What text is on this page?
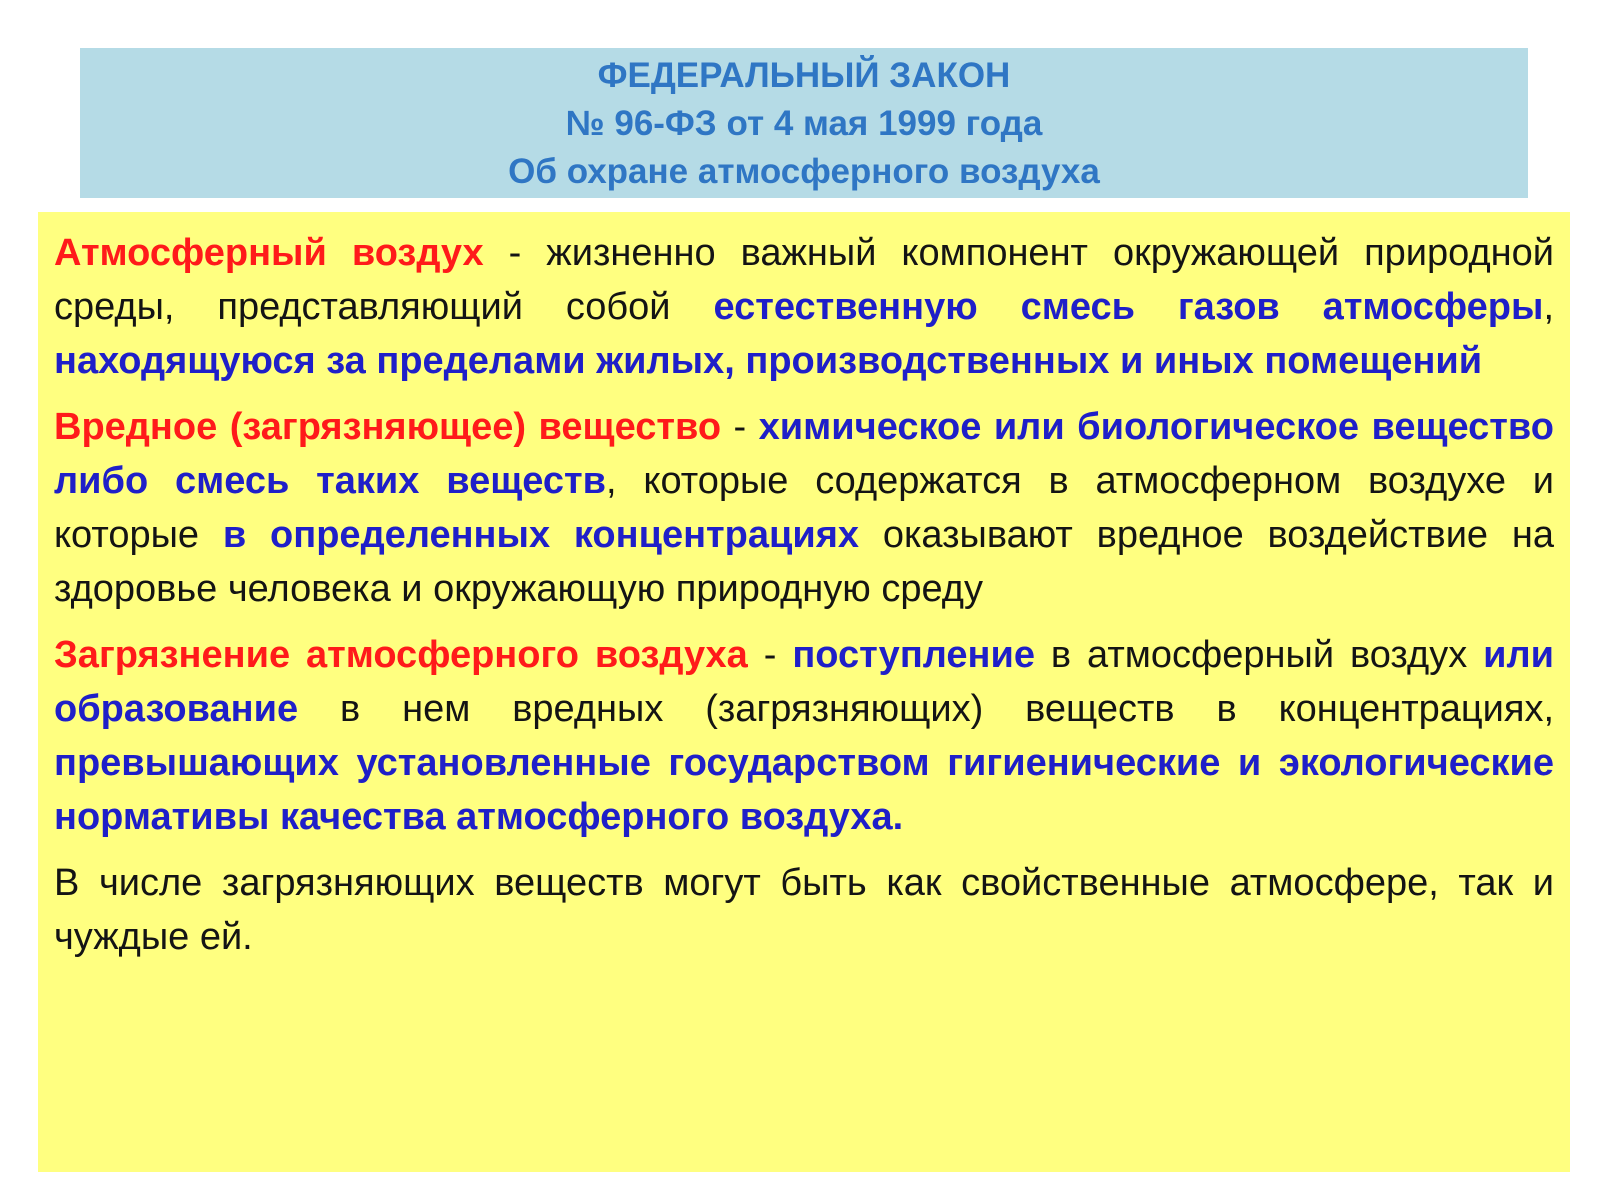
ФЕДЕРАЛЬНЫЙ ЗАКОН
№ 96-ФЗ от 4 мая 1999 года
Об охране атмосферного воздуха

Атмосферный воздух - жизненно важный компонент окружающей природной среды, представляющий собой естественную смесь газов атмосферы, находящуюся за пределами жилых, производственных и иных помещений

Вредное (загрязняющее) вещество - химическое или биологическое вещество либо смесь таких веществ, которые содержатся в атмосферном воздухе и которые в определенных концентрациях оказывают вредное воздействие на здоровье человека и окружающую природную среду

Загрязнение атмосферного воздуха - поступление в атмосферный воздух или образование в нем вредных (загрязняющих) веществ в концентрациях, превышающих установленные государством гигиенические и экологические нормативы качества атмосферного воздуха.

В числе загрязняющих веществ могут быть как свойственные атмосфере, так и чуждые ей.
